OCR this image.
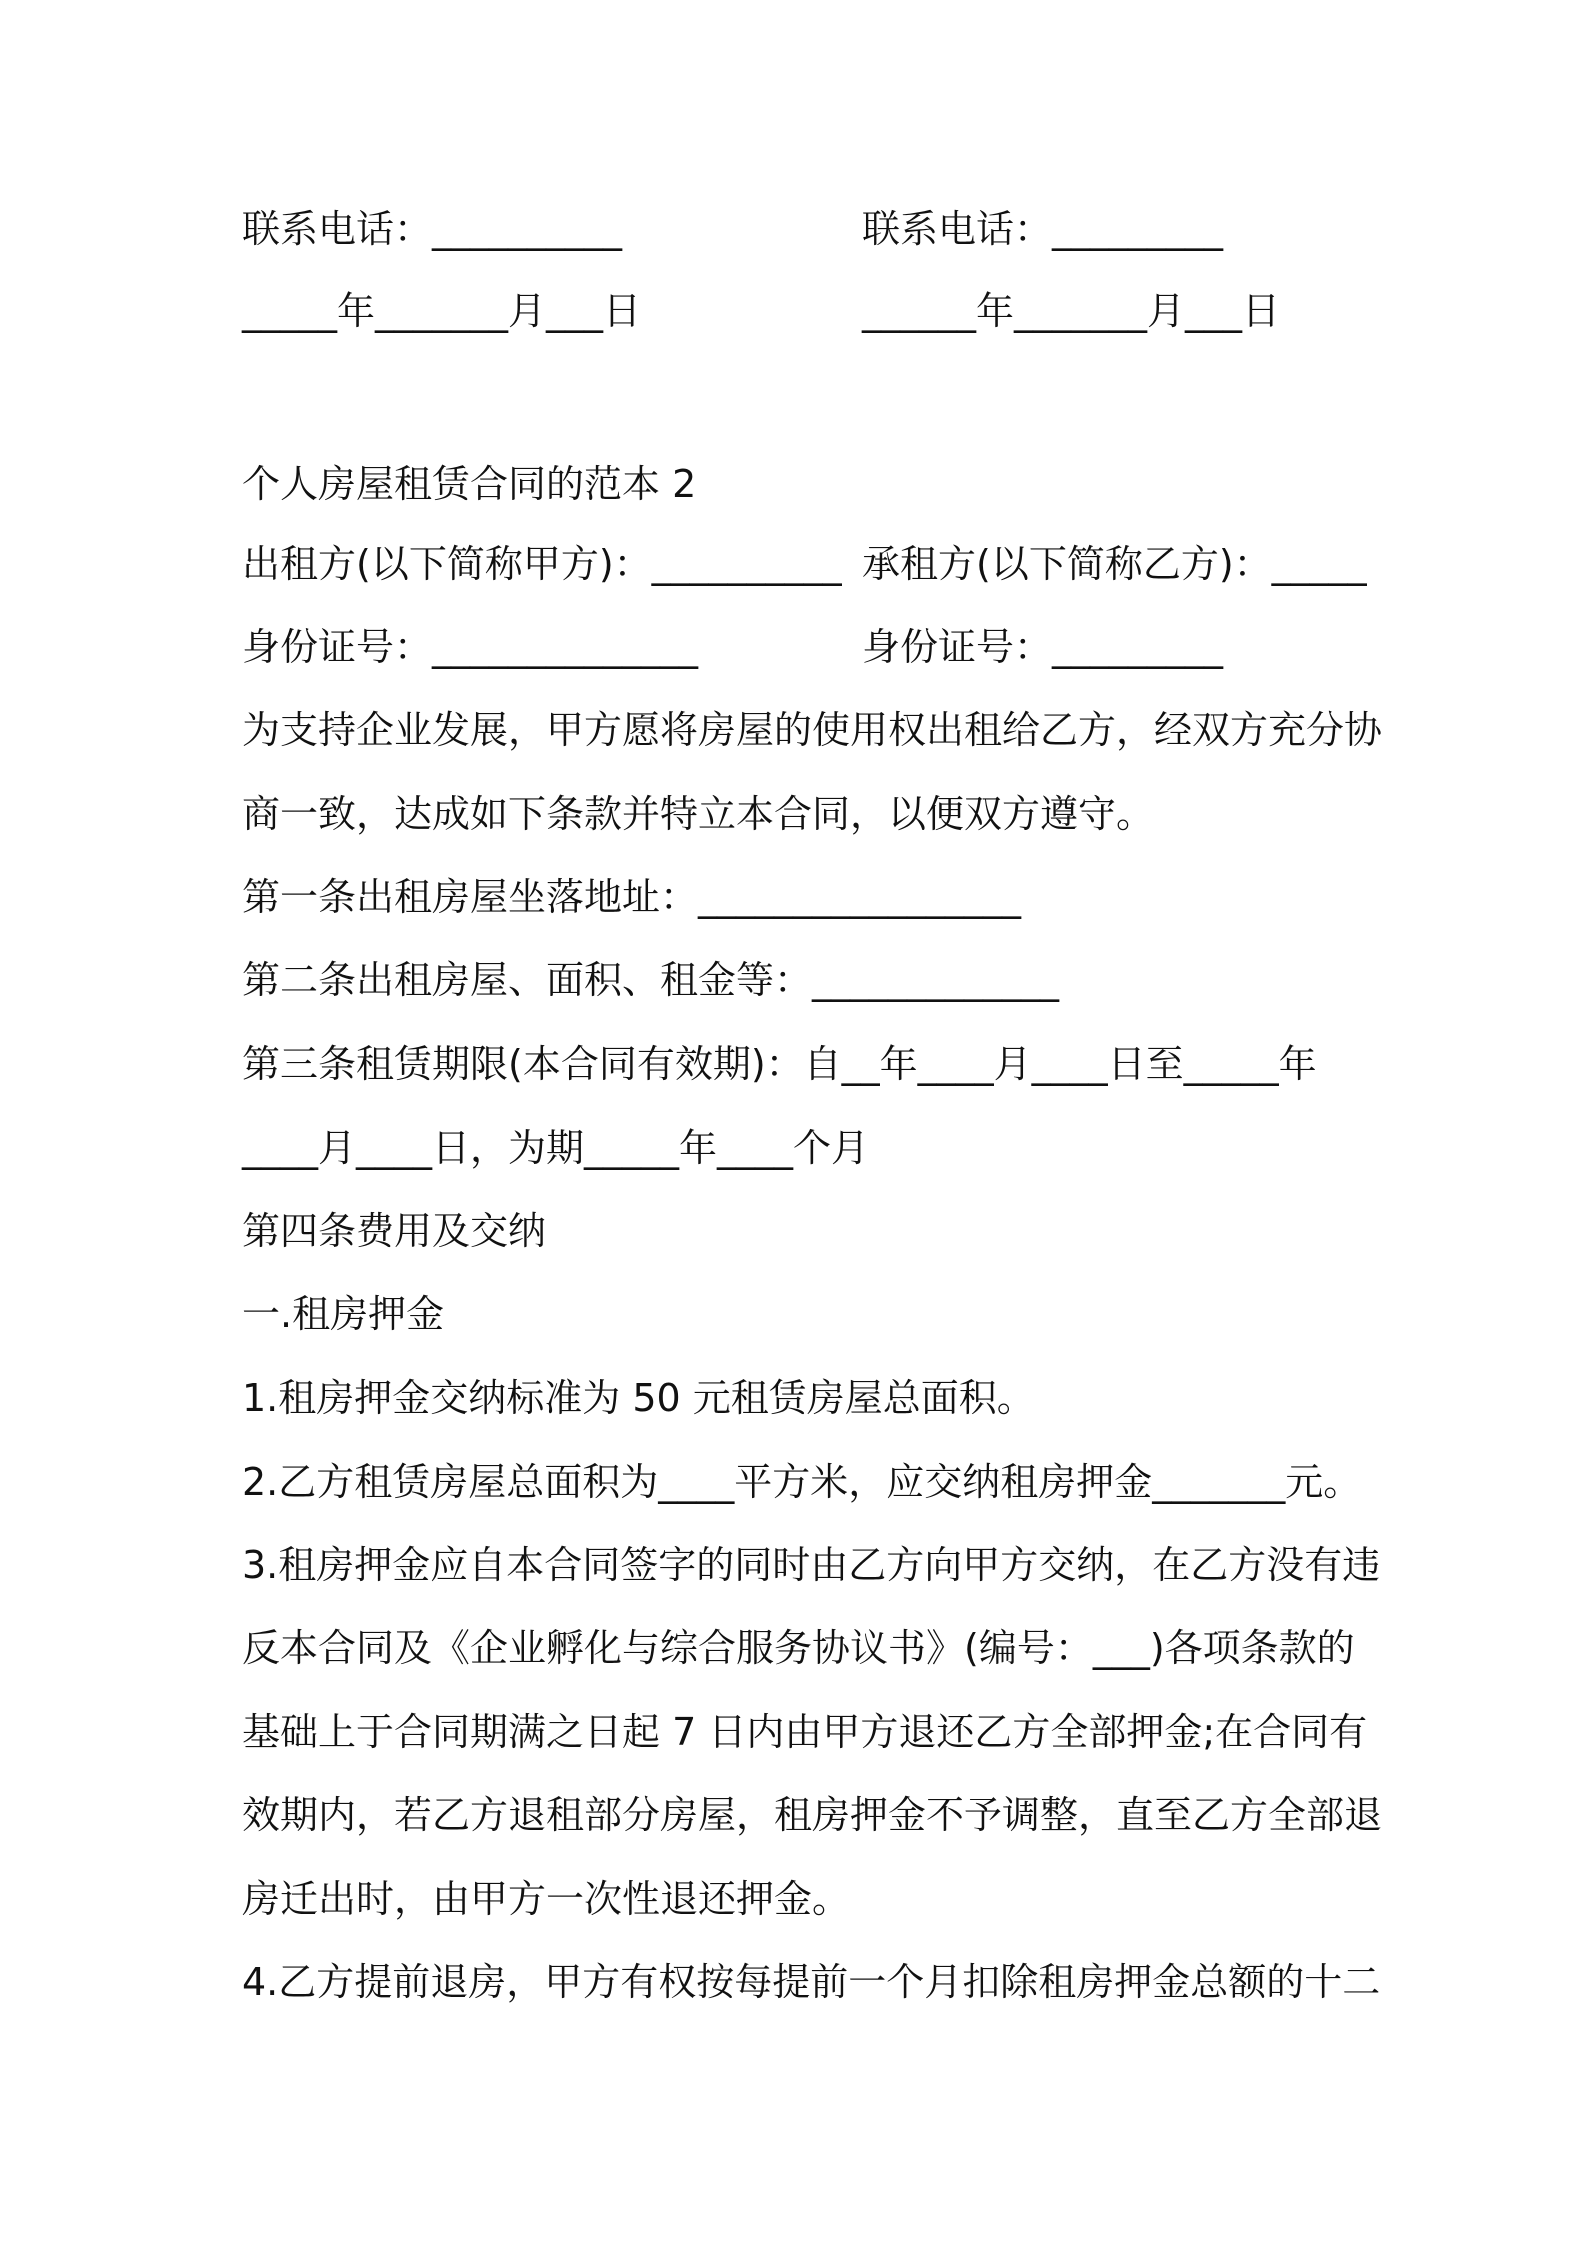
联系电话：__________	联系电话：_________
_____年_______月___日	______年_______月___日
个人房屋租赁合同的范本 2
出租方(以下简称甲方)：__________ 承租方(以下简称乙方)：_____
身份证号：______________	身份证号：_________
为支持企业发展，甲方愿将房屋的使用权出租给乙方，经双方充分协
商一致，达成如下条款并特立本合同，以便双方遵守。
第一条出租房屋坐落地址：_________________
第二条出租房屋、面积、租金等：_____________
第三条租赁期限(本合同有效期)：自__年____月____日至_____年
____月____日，为期_____年____个月
第四条费用及交纳
一.租房押金
1.租房押金交纳标准为 50 元租赁房屋总面积。
2.乙方租赁房屋总面积为____平方米，应交纳租房押金_______元。
3.租房押金应自本合同签字的同时由乙方向甲方交纳，在乙方没有违
反本合同及《企业孵化与综合服务协议书》(编号：___)各项条款的
基础上于合同期满之日起 7 日内由甲方退还乙方全部押金;在合同有
效期内，若乙方退租部分房屋，租房押金不予调整，直至乙方全部退
房迁出时，由甲方一次性退还押金。
4.乙方提前退房，甲方有权按每提前一个月扣除租房押金总额的十二
